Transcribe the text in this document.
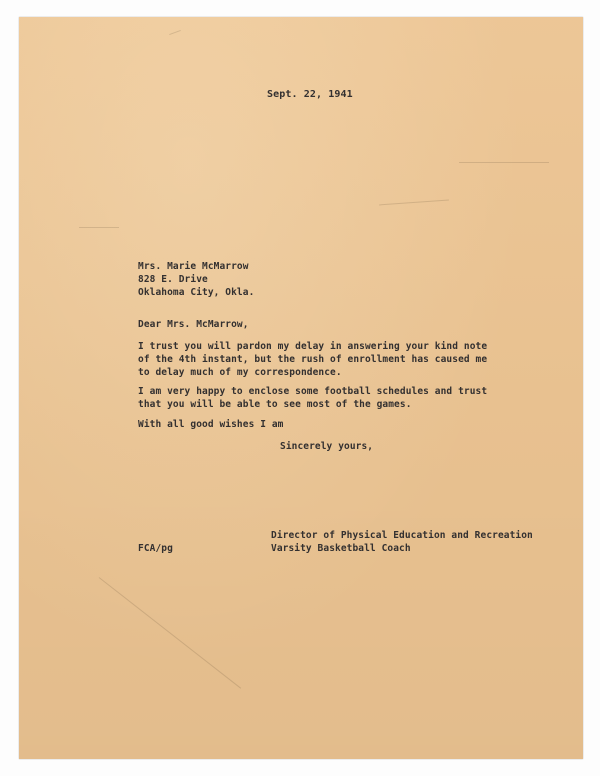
Sept. 22, 1941
Mrs. Marie McMarrow
828 E. Drive
Oklahoma City, Okla.
Dear Mrs. McMarrow,
I trust you will pardon my delay in answering your kind note
of the 4th instant, but the rush of enrollment has caused me
to delay much of my correspondence.
I am very happy to enclose some football schedules and trust
that you will be able to see most of the games.
With all good wishes I am
Sincerely yours,
Director of Physical Education and Recreation
Varsity Basketball Coach
FCA/pg
